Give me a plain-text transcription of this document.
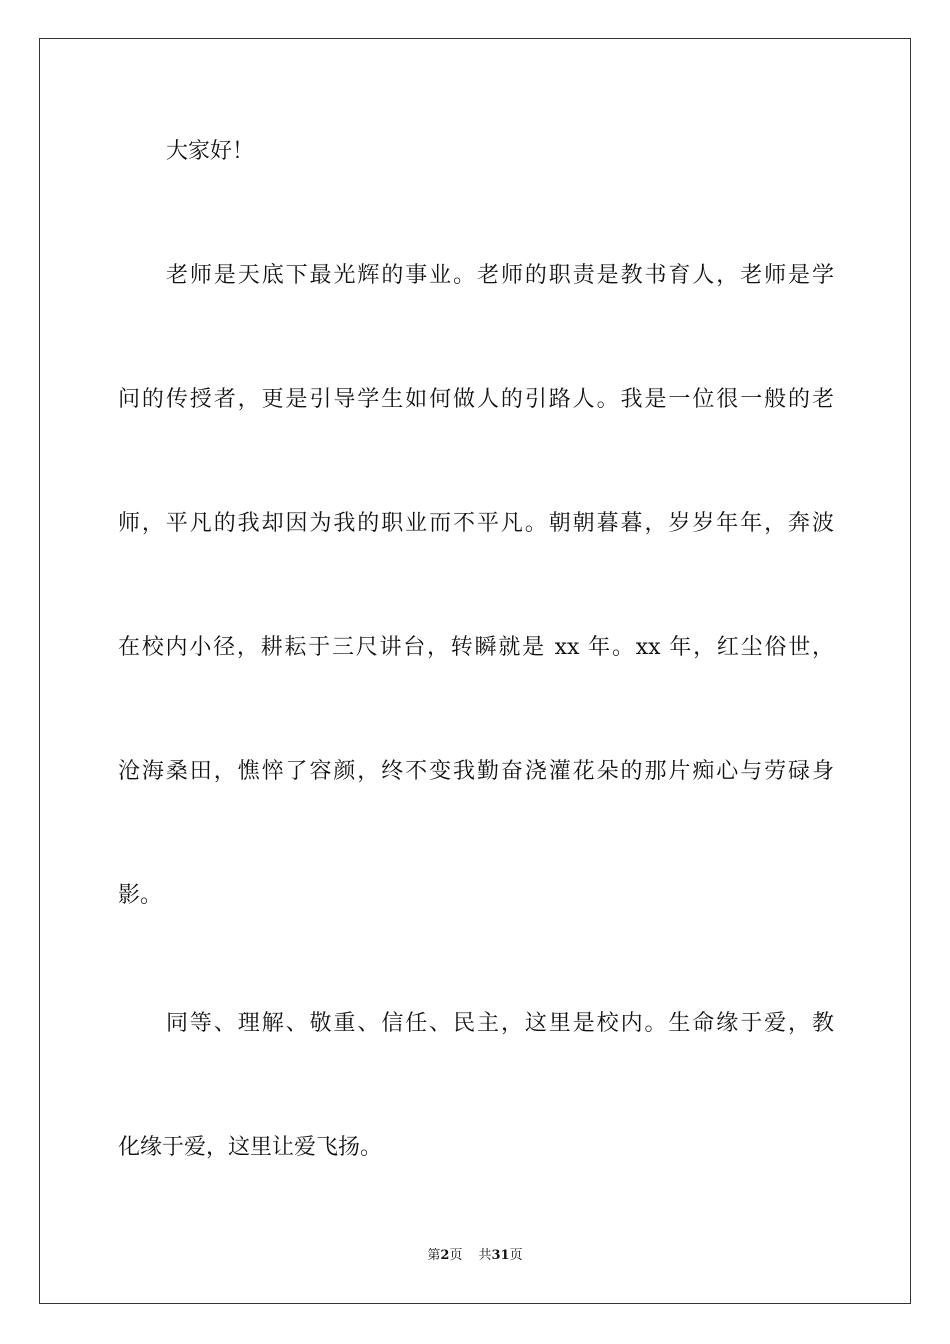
大家好！
老师是天底下最光辉的事业。老师的职责是教书育人，老师是学
问的传授者，更是引导学生如何做人的引路人。我是一位很一般的老
师，平凡的我却因为我的职业而不平凡。朝朝暮暮，岁岁年年，奔波
在校内小径，耕耘于三尺讲台，转瞬就是 xx 年。xx 年，红尘俗世，
沧海桑田，憔悴了容颜，终不变我勤奋浇灌花朵的那片痴心与劳碌身
影。
同等、理解、敬重、信任、民主，这里是校内。生命缘于爱，教
化缘于爱，这里让爱飞扬。
第2页 共31页
